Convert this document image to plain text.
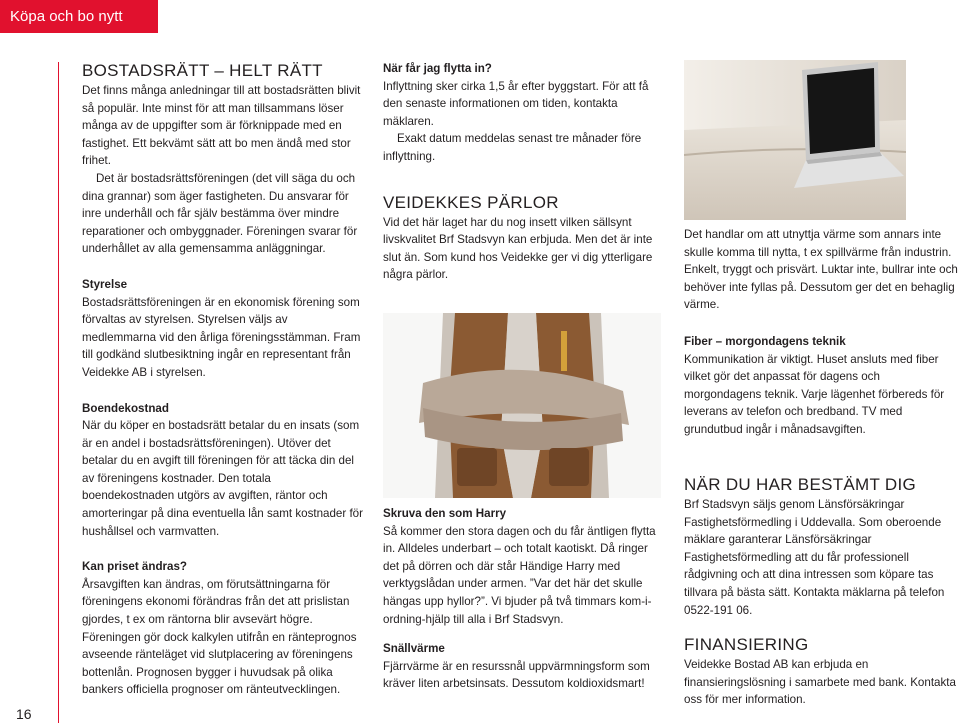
Köpa och bo nytt
16
BOSTADSRÄTT – HELT RÄTT

Det finns många anledningar till att bostadsrätten blivit så populär. Inte minst för att man tillsammans löser många av de uppgifter som är förknippade med en fastighet. Ett bekvämt sätt att bo men ändå med stor frihet.

Det är bostadsrättsföreningen (det vill säga du och dina grannar) som äger fastigheten. Du ansvarar för inre underhåll och får själv bestämma över mindre reparationer och ombyggnader. Föreningen svarar för underhållet av alla gemensamma anläggningar.

Styrelse

Bostadsrättsföreningen är en ekonomisk förening som förvaltas av styrelsen. Styrelsen väljs av medlemmarna vid den årliga föreningsstämman. Fram till godkänd slutbesiktning ingår en representant från Veidekke AB i styrelsen.

Boendekostnad

När du köper en bostadsrätt betalar du en insats (som är en andel i bostadsrättsföreningen). Utöver det betalar du en avgift till föreningen för att täcka din del av föreningens kostnader. Den totala boendekostnaden utgörs av avgiften, räntor och amorteringar på dina eventuella lån samt kostnader för hushållsel och varmvatten.

Kan priset ändras?

Årsavgiften kan ändras, om förutsättningarna för föreningens ekonomi förändras från det att prislistan gjordes, t ex om räntorna blir avsevärt högre. Föreningen gör dock kalkylen utifrån en ränteprognos avseende ränteläget vid slutplacering av föreningens bottenlån. Prognosen bygger i huvudsak på olika bankers officiella prognoser om ränteutvecklingen.

När får jag flytta in?

Inflyttning sker cirka 1,5 år efter byggstart. För att få den senaste informationen om tiden, kontakta mäklaren.

Exakt datum meddelas senast tre månader före inflyttning.

VEIDEKKES PÄRLOR

Vid det här laget har du nog insett vilken sällsynt livskvalitet Brf Stadsvyn kan erbjuda. Men det är inte slut än. Som kund hos Veidekke ger vi dig ytterligare några pärlor.

Skruva den som Harry

Så kommer den stora dagen och du får äntligen flytta in. Alldeles underbart – och totalt kaotiskt. Då ringer det på dörren och där står Händige Harry med verktygslådan under armen. ”Var det här det skulle hängas upp hyllor?”. Vi bjuder på två timmars kom-i-ordning-hjälp till alla i Brf Stadsvyn.

Snällvärme

Fjärrvärme är en resurssnål uppvärmningsform som kräver liten arbetsinsats. Dessutom koldioxidsmart!

Det handlar om att utnyttja värme som annars inte skulle komma till nytta, t ex spillvärme från industrin. Enkelt, tryggt och prisvärt. Luktar inte, bullrar inte och behöver inte fyllas på. Dessutom ger det en behaglig värme.

Fiber – morgondagens teknik

Kommunikation är viktigt. Huset ansluts med fiber vilket gör det anpassat för dagens och morgondagens teknik. Varje lägenhet förbereds för leverans av telefon och bredband. TV med grundutbud ingår i månadsavgiften.

NÄR DU HAR BESTÄMT DIG

Brf Stadsvyn säljs genom Länsförsäkringar Fastighetsförmedling i Uddevalla. Som oberoende mäklare garanterar Länsförsäkringar Fastighetsförmedling att du får professionell rådgivning och att dina intressen som köpare tas tillvara på bästa sätt. Kontakta mäklarna på telefon 0522-191 06.

FINANSIERING

Veidekke Bostad AB kan erbjuda en finansieringslösning i samarbete med bank. Kontakta oss för mer information.
